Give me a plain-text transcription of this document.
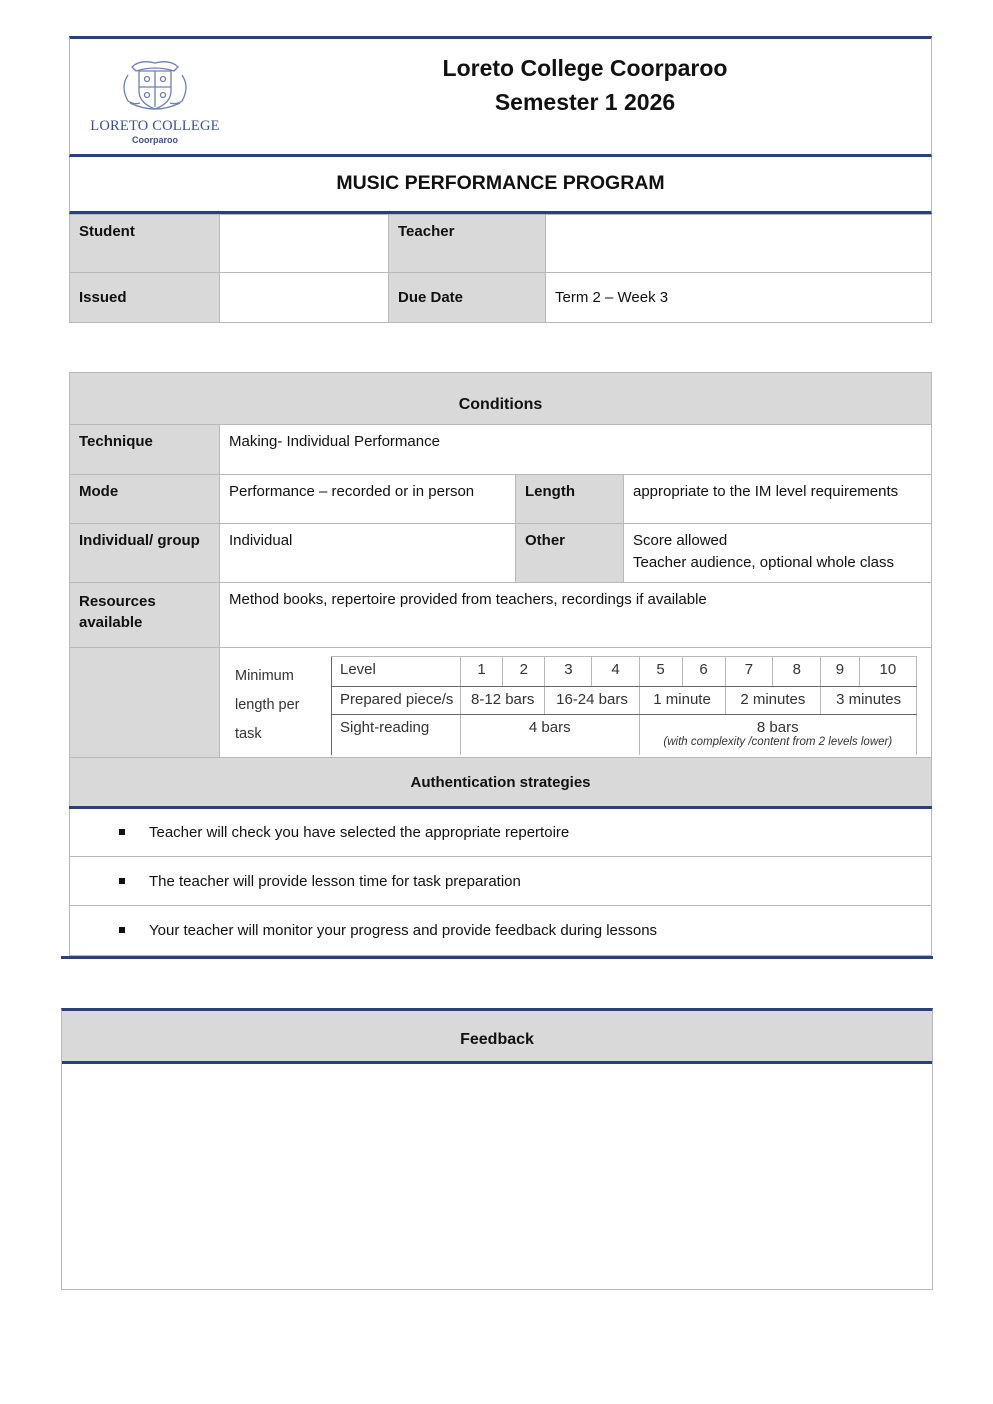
LORETO COLLEGE
Coorparoo
Loreto College Coorparoo
Semester 1 2026
MUSIC PERFORMANCE PROGRAM
Student		Teacher	
Issued		Due Date	Term 2 – Week 3
Conditions
Technique	Making- Individual Performance
Mode	Performance – recorded or in person	Length	appropriate to the IM level requirements
Individual/ group	Individual	Other	Score allowed
Teacher audience, optional whole class

Resources
available
	Method books, repertoire provided from teachers, recordings if available

Minimum
length per
task
Level	1	2	3	4	5	6	7	8	9	10
Prepared piece/s	8-12 bars	16-24 bars	1 minute	2 minutes	3 minutes
Sight-reading	4 bars	8 bars
(with complexity /content from 2 levels lower)
Authentication strategies
Teacher will check you have selected the appropriate repertoire
The teacher will provide lesson time for task preparation
Your teacher will monitor your progress and provide feedback during lessons
Feedback
